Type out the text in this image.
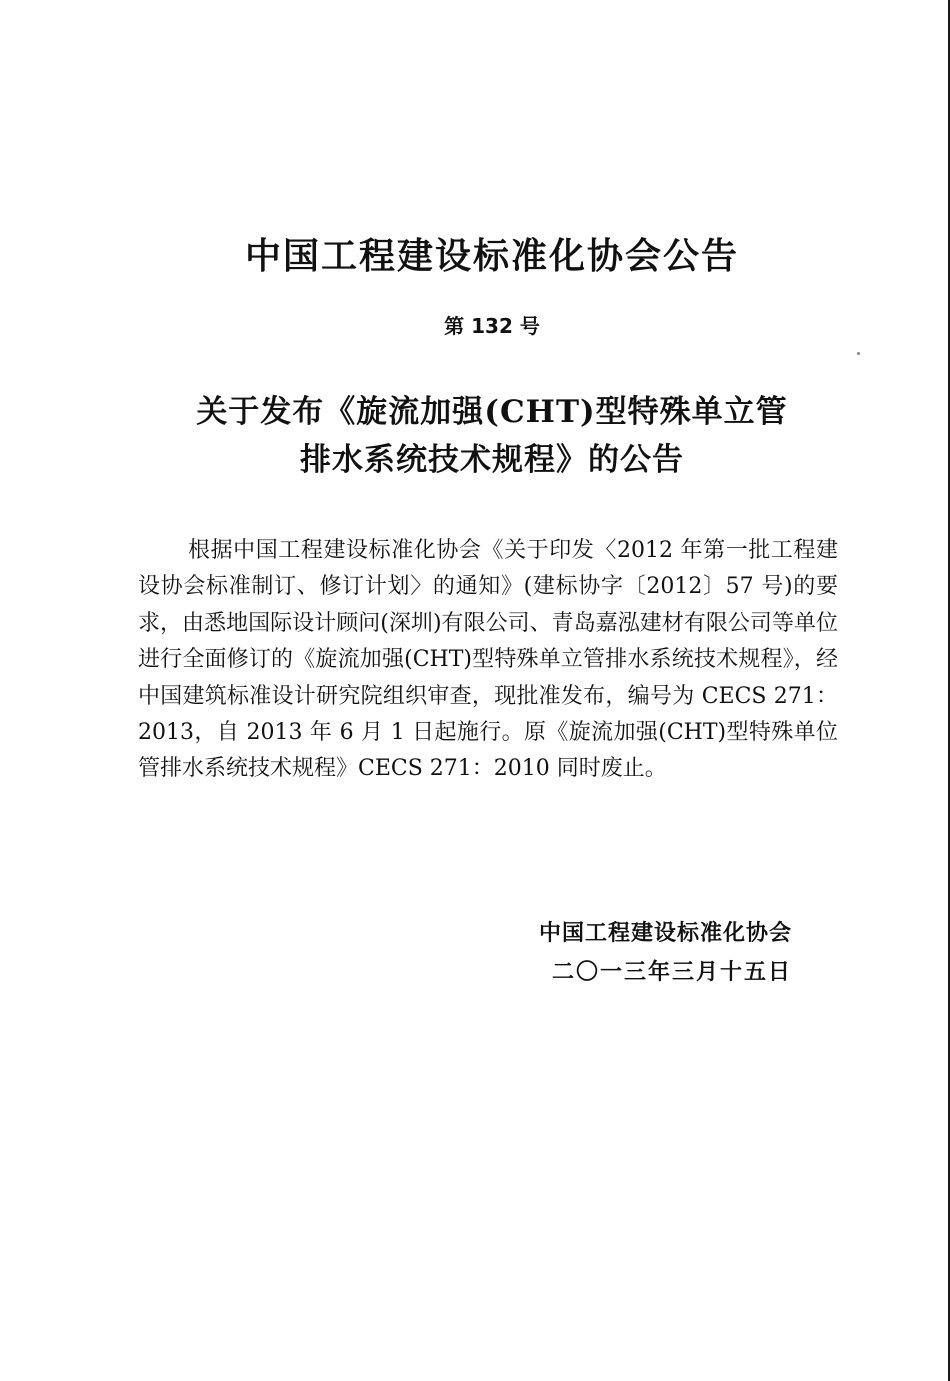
中国工程建设标准化协会公告
第 132 号
关于发布《旋流加强(CHT)型特殊单立管
排水系统技术规程》的公告

根据中国工程建设标准化协会《关于印发〈2012 年第一批工程建设协会标准制订、修订计划〉的通知》(建标协字〔2012〕57 号)的要求，由悉地国际设计顾问(深圳)有限公司、青岛嘉泓建材有限公司等单位进行全面修订的《旋流加强(CHT)型特殊单立管排水系统技术规程》，经中国建筑标准设计研究院组织审查，现批准发布，编号为 CECS 271：2013，自 2013 年 6 月 1 日起施行。原《旋流加强(CHT)型特殊单位管排水系统技术规程》CECS 271：2010 同时废止。

中国工程建设标准化协会
二〇一三年三月十五日
